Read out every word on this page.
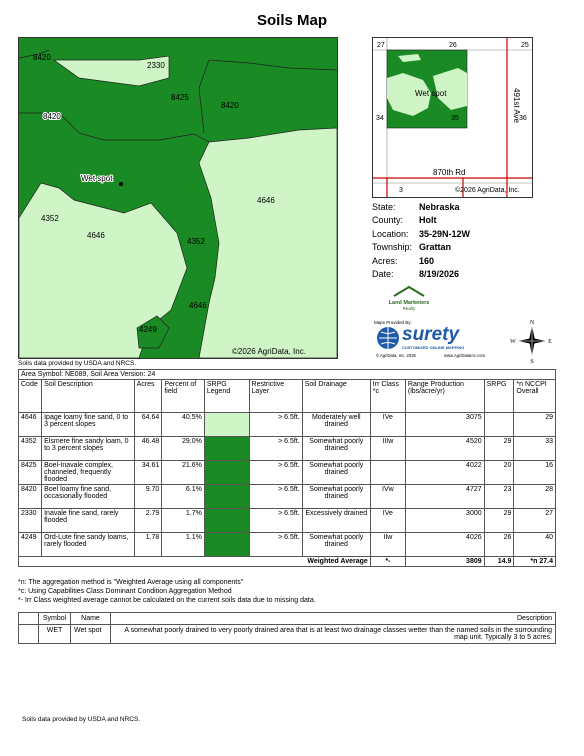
Soils Map
8420
2330
8425
8420
8420
Wet spot
4352
4646
4352
4646
4646
4249
©2026 AgriData, Inc.
27	26	25
34	35	36
3
Wet spot	491st Ave
870th Rd
©2026 AgriData, Inc.
State:	Nebraska
County:	Holt
Location:	35-29N-12W
Township: Grattan
Acres:	160
Date:	8/19/2026
Land Marketers
Realty
Maps Provided By:
surety
CUSTOMIZED ONLINE MAPPING
© AgriData, Inc. 2025	www.AgriDataInc.com
N
S
E
W
Soils data provided by USDA and NRCS.
Area Symbol: NE089, Soil Area Version: 24										
Code	Soil Description	Acres	Percent of field	SRPG Legend	Restrictive Layer	Soil Drainage	Irr Class *c	Range Production (lbs/acre/yr)	SRPG	*n NCCPI Overall
4646	Ipage loamy fine sand, 0 to 3 percent slopes	64.64	40.5%		> 6.5ft.	Moderately well drained	IVe	3075		29
4352	Elsmere fine sandy loam, 0 to 3 percent slopes	46.48	29.0%		> 6.5ft.	Somewhat poorly drained	IIIw	4520	29	33
8425	Boel-Inavale complex, channeled, frequently flooded	34.61	21.6%		> 6.5ft.	Somewhat poorly drained		4022	20	16
8420	Boel loamy fine sand, occasionally flooded	9.70	6.1%		> 6.5ft.	Somewhat poorly drained	IVw	4727	23	28
2330	Inavale fine sand, rarely flooded	2.79	1.7%		> 6.5ft.	Excessively drained	IVe	3000	29	27
4249	Ord-Lute fine sandy loams, rarely flooded	1.78	1.1%		> 6.5ft.	Somewhat poorly drained	IIw	4026	26	40
Weighted Average							*-	3809	14.9	*n 27.4
*n: The aggregation method is "Weighted Average using all components"
*c: Using Capabilities Class Dominant Condition Aggregation Method
*- Irr Class weighted average cannot be calculated on the current soils data due to missing data.
	Symbol	Name	Description
	WET	Wet spot	A somewhat poorly drained to very poorly drained area that is at least two drainage classes wetter than the named soils in the surrounding map unit. Typically 3 to 5 acres.
Soils data provided by USDA and NRCS.
